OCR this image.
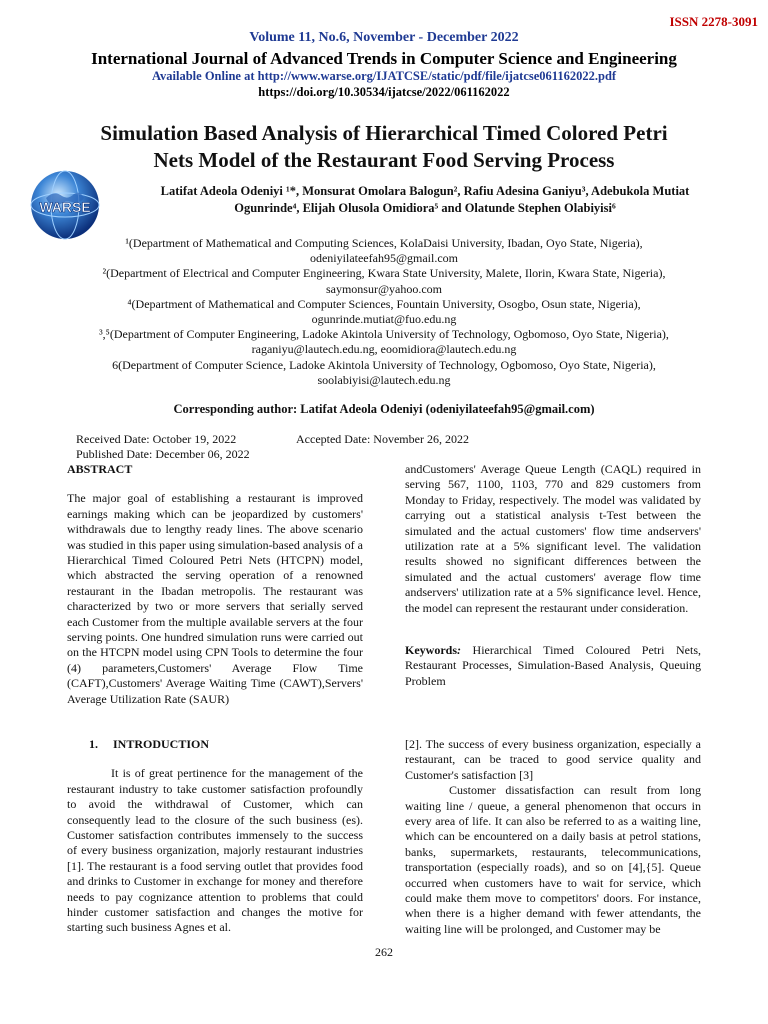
ISSN 2278-3091
Volume 11, No.6, November - December 2022
International Journal of Advanced Trends in Computer Science and Engineering
Available Online at http://www.warse.org/IJATCSE/static/pdf/file/ijatcse061162022.pdf
https://doi.org/10.30534/ijatcse/2022/061162022
Simulation Based Analysis of Hierarchical Timed Colored Petri
Nets Model of the Restaurant Food Serving Process
WARSE
Latifat Adeola Odeniyi ¹*, Monsurat Omolara Balogun², Rafiu Adesina Ganiyu³, Adebukola Mutiat
Ogunrinde⁴, Elijah Olusola Omidiora⁵ and Olatunde Stephen Olabiyisi⁶
¹(Department of Mathematical and Computing Sciences, KolaDaisi University, Ibadan, Oyo State, Nigeria),
odeniyilateefah95@gmail.com
²(Department of Electrical and Computer Engineering, Kwara State University, Malete, Ilorin, Kwara State, Nigeria),
saymonsur@yahoo.com
⁴(Department of Mathematical and Computer Sciences, Fountain University, Osogbo, Osun state, Nigeria),
ogunrinde.mutiat@fuo.edu.ng
³,⁵(Department of Computer Engineering, Ladoke Akintola University of Technology, Ogbomoso, Oyo State, Nigeria),
raganiyu@lautech.edu.ng, eoomidiora@lautech.edu.ng
6(Department of Computer Science, Ladoke Akintola University of Technology, Ogbomoso, Oyo State, Nigeria),
soolabiyisi@lautech.edu.ng
Corresponding author: Latifat Adeola Odeniyi (odeniyilateefah95@gmail.com)
Received Date: October 19, 2022	Accepted Date: November 26, 2022Published Date: December 06, 2022

ABSTRACT

The major goal of establishing a restaurant is improved earnings making which can be jeopardized by customers' withdrawals due to lengthy ready lines. The above scenario was studied in this paper using simulation-based analysis of a Hierarchical Timed Coloured Petri Nets (HTCPN) model, which abstracted the serving operation of a renowned restaurant in the Ibadan metropolis. The restaurant was characterized by two or more servers that serially served each Customer from the multiple available servers at the four serving points. One hundred simulation runs were carried out on the HTCPN model using CPN Tools to determine the four (4) parameters,Customers' Average Flow Time (CAFT),Customers' Average Waiting Time (CAWT),Servers' Average Utilization Rate (SAUR)

1.     INTRODUCTION

It is of great pertinence for the management of the restaurant industry to take customer satisfaction profoundly to avoid the withdrawal of Customer, which can consequently lead to the closure of the such business (es). Customer satisfaction contributes immensely to the success of every business organization, majorly restaurant industries [1]. The restaurant is a food serving outlet that provides food and drinks to Customer in exchange for money and therefore needs to pay cognizance attention to problems that could hinder customer satisfaction and changes the motive for starting such business Agnes et al.

andCustomers' Average Queue Length (CAQL) required in serving 567, 1100, 1103, 770 and 829 customers from Monday to Friday, respectively. The model was validated by carrying out a statistical analysis t-Test between the simulated and the actual customers' flow time andservers' utilization rate at a 5% significant level. The validation results showed no significant differences between the simulated and the actual customers' average flow time andservers' utilization rate at a 5% significance level. Hence, the model can represent the restaurant under consideration.

Keywords: Hierarchical Timed Coloured Petri Nets, Restaurant Processes, Simulation-Based Analysis, Queuing Problem

[2]. The success of every business organization, especially a restaurant, can be traced to good service quality and Customer's satisfaction [3]

Customer dissatisfaction can result from long waiting line / queue, a general phenomenon that occurs in every area of life. It can also be referred to as a waiting line, which can be encountered on a daily basis at petrol stations, banks, supermarkets, restaurants, telecommunications, transportation (especially roads), and so on [4],{5]. Queue occurred when customers have to wait for service, which could make them move to competitors' doors. For instance, when there is a higher demand with fewer attendants, the waiting line will be prolonged, and Customer may be

262
